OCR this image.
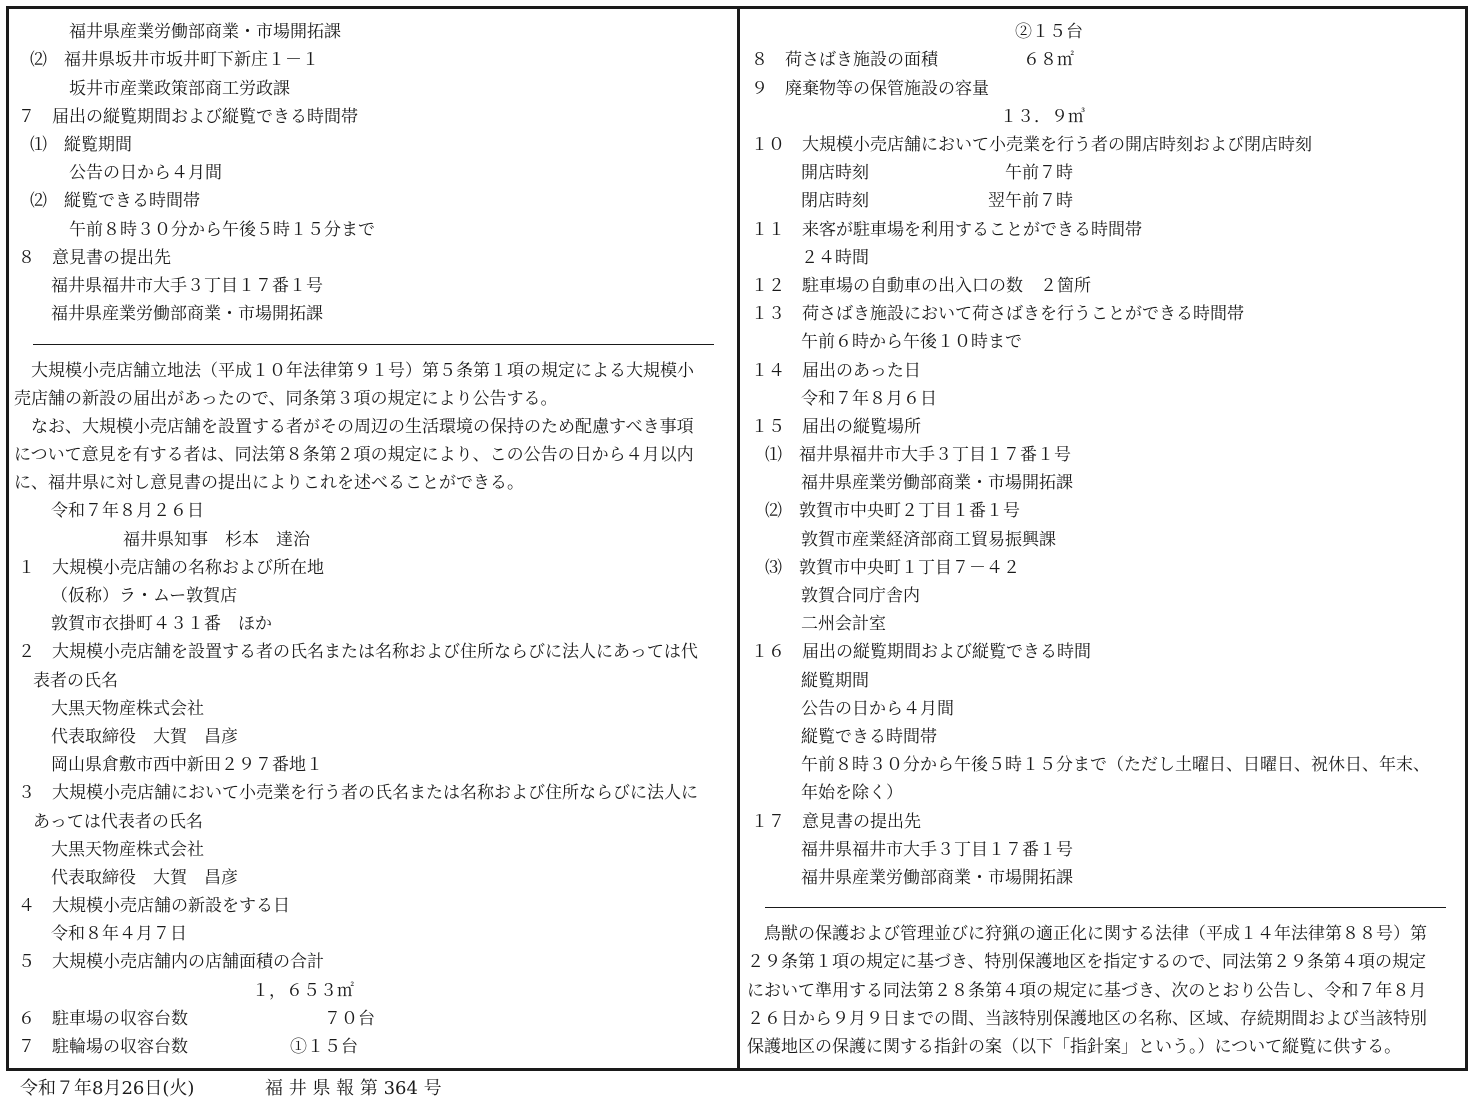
福井県産業労働部商業・市場開拓課
⑵　福井県坂井市坂井町下新庄１－１
坂井市産業政策部商工労政課
７　届出の縦覧期間および縦覧できる時間帯
⑴　縦覧期間
公告の日から４月間
⑵　縦覧できる時間帯
午前８時３０分から午後５時１５分まで
８　意見書の提出先
福井県福井市大手３丁目１７番１号
福井県産業労働部商業・市場開拓課
　大規模小売店舗立地法（平成１０年法律第９１号）第５条第１項の規定による大規模小
売店舗の新設の届出があったので、同条第３項の規定により公告する。
　なお、大規模小売店舗を設置する者がその周辺の生活環境の保持のため配慮すべき事項
について意見を有する者は、同法第８条第２項の規定により、この公告の日から４月以内
に、福井県に対し意見書の提出によりこれを述べることができる。
令和７年８月２６日
福井県知事　杉本　達治
１　大規模小売店舗の名称および所在地
（仮称）ラ・ムー敦賀店
敦賀市衣掛町４３１番　ほか
２　大規模小売店舗を設置する者の氏名または名称および住所ならびに法人にあっては代
表者の氏名
大黒天物産株式会社
代表取締役　大賀　昌彦
岡山県倉敷市西中新田２９７番地１
３　大規模小売店舗において小売業を行う者の氏名または名称および住所ならびに法人に
あっては代表者の氏名
大黒天物産株式会社
代表取締役　大賀　昌彦
４　大規模小売店舗の新設をする日
令和８年４月７日
５　大規模小売店舗内の店舗面積の合計
１，６５３㎡
６　駐車場の収容台数　　　　　　　　７０台
７　駐輪場の収容台数　　　　　　①１５台
②１５台
８　荷さばき施設の面積　　　　　６８㎡
９　廃棄物等の保管施設の容量
１３．９㎥
１０　大規模小売店舗において小売業を行う者の開店時刻および閉店時刻
開店時刻　　　　　　　　午前７時
閉店時刻　　　　　　　翌午前７時
１１　来客が駐車場を利用することができる時間帯
２４時間
１２　駐車場の自動車の出入口の数　２箇所
１３　荷さばき施設において荷さばきを行うことができる時間帯
午前６時から午後１０時まで
１４　届出のあった日
令和７年８月６日
１５　届出の縦覧場所
⑴　福井県福井市大手３丁目１７番１号
福井県産業労働部商業・市場開拓課
⑵　敦賀市中央町２丁目１番１号
敦賀市産業経済部商工貿易振興課
⑶　敦賀市中央町１丁目７－４２
敦賀合同庁舎内
二州会計室
１６　届出の縦覧期間および縦覧できる時間
縦覧期間
公告の日から４月間
縦覧できる時間帯
午前８時３０分から午後５時１５分まで（ただし土曜日、日曜日、祝休日、年末、
年始を除く）
１７　意見書の提出先
福井県福井市大手３丁目１７番１号
福井県産業労働部商業・市場開拓課
　鳥獣の保護および管理並びに狩猟の適正化に関する法律（平成１４年法律第８８号）第
２９条第１項の規定に基づき、特別保護地区を指定するので、同法第２９条第４項の規定
において準用する同法第２８条第４項の規定に基づき、次のとおり公告し、令和７年８月
２６日から９月９日までの間、当該特別保護地区の名称、区域、存続期間および当該特別
保護地区の保護に関する指針の案（以下「指針案」という。）について縦覧に供する。
令和７年8月26日(火)	福 井 県 報 第 364 号
